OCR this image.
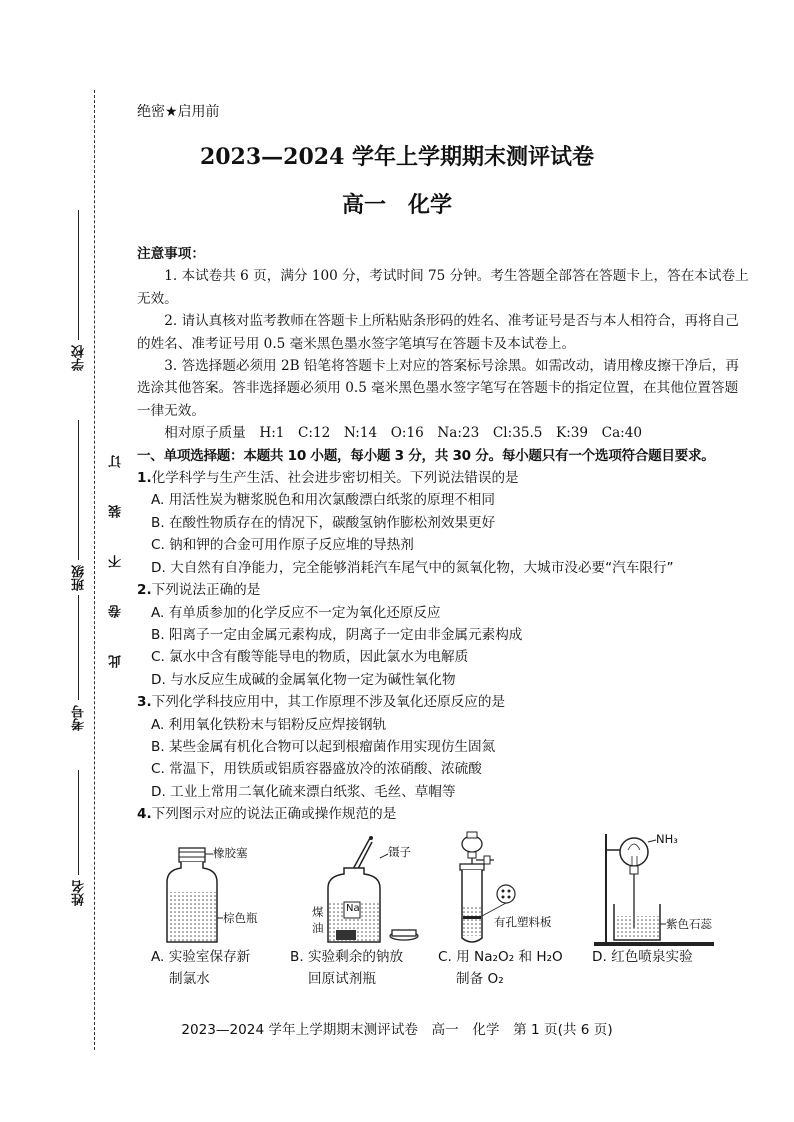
学校
班级
考号
姓名
此
卷
不
装
订
绝密★启用前
2023—2024 学年上学期期末测评试卷
高一　化学

注意事项：

1. 本试卷共 6 页，满分 100 分，考试时间 75 分钟。考生答题全部答在答题卡上，答在本试卷上无效。

2. 请认真核对监考教师在答题卡上所粘贴条形码的姓名、准考证号是否与本人相符合，再将自己的姓名、准考证号用 0.5 毫米黑色墨水签字笔填写在答题卡及本试卷上。

3. 答选择题必须用 2B 铅笔将答题卡上对应的答案标号涂黑。如需改动，请用橡皮擦干净后，再选涂其他答案。答非选择题必须用 0.5 毫米黑色墨水签字笔写在答题卡的指定位置，在其他位置答题一律无效。

相对原子质量　H:1　C:12　N:14　O:16　Na:23　Cl:35.5　K:39　Ca:40

一、单项选择题：本题共 10 小题，每小题 3 分，共 30 分。每小题只有一个选项符合题目要求。

1.化学科学与生产生活、社会进步密切相关。下列说法错误的是

A. 用活性炭为糖浆脱色和用次氯酸漂白纸浆的原理不相同

B. 在酸性物质存在的情况下，碳酸氢钠作膨松剂效果更好

C. 钠和钾的合金可用作原子反应堆的导热剂

D. 大自然有自净能力，完全能够消耗汽车尾气中的氮氧化物，大城市没必要“汽车限行”

2.下列说法正确的是

A. 有单质参加的化学反应不一定为氧化还原反应

B. 阳离子一定由金属元素构成，阴离子一定由非金属元素构成

C. 氯水中含有酸等能导电的物质，因此氯水为电解质

D. 与水反应生成碱的金属氧化物一定为碱性氧化物

3.下列化学科技应用中，其工作原理不涉及氧化还原反应的是

A. 利用氧化铁粉末与铝粉反应焊接钢轨

B. 某些金属有机化合物可以起到根瘤菌作用实现仿生固氮

C. 常温下，用铁质或铝质容器盛放冷的浓硝酸、浓硫酸

D. 工业上常用二氧化硫来漂白纸浆、毛丝、草帽等

4.下列图示对应的说法正确或操作规范的是

橡胶塞
棕色瓶
A. 实验室保存新
制氯水
镊子
煤
油
Na
B. 实验剩余的钠放
回原试剂瓶
有孔塑料板
C. 用 Na₂O₂ 和 H₂O
制备 O₂
NH₃
紫色石蕊
D. 红色喷泉实验
2023—2024 学年上学期期末测评试卷　高一　化学　第 1 页(共 6 页)
